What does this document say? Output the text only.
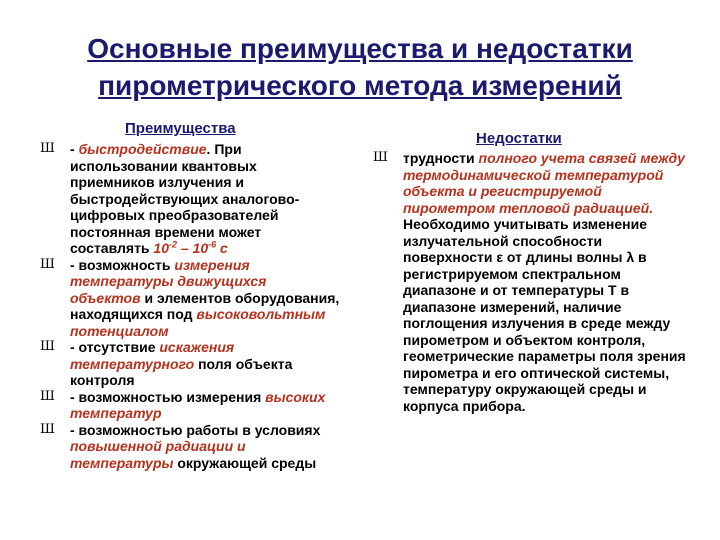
Основные преимущества и недостатки
пирометрического метода измерений
Преимущества
Ш	- быстродействие. При использовании квантовых приемников излучения и быстродействующих аналогово-цифровых преобразователей постоянная времени может составлять $10^{-2} - 10^{-6}$ с
Ш	- возможность измерения температуры движущихся объектов и элементов оборудования, находящихся под высоковольтным потенциалом
Ш	- отсутствие искажения температурного поля объекта контроля
Ш	- возможностью измерения высоких температур
Ш	- возможностью работы в условиях повышенной радиации и температуры окружающей среды
Недостатки
Ш	трудности полного учета связей между термодинамической температурой объекта и регистрируемой пирометром тепловой радиацией. Необходимо учитывать изменение излучательной способности поверхности ε от длины волны λ в регистрируемом спектральном диапазоне и от температуры Т в диапазоне измерений, наличие поглощения излучения в среде между пирометром и объектом контроля, геометрические параметры поля зрения пирометра и его оптической системы, температуру окружающей среды и корпуса прибора.
